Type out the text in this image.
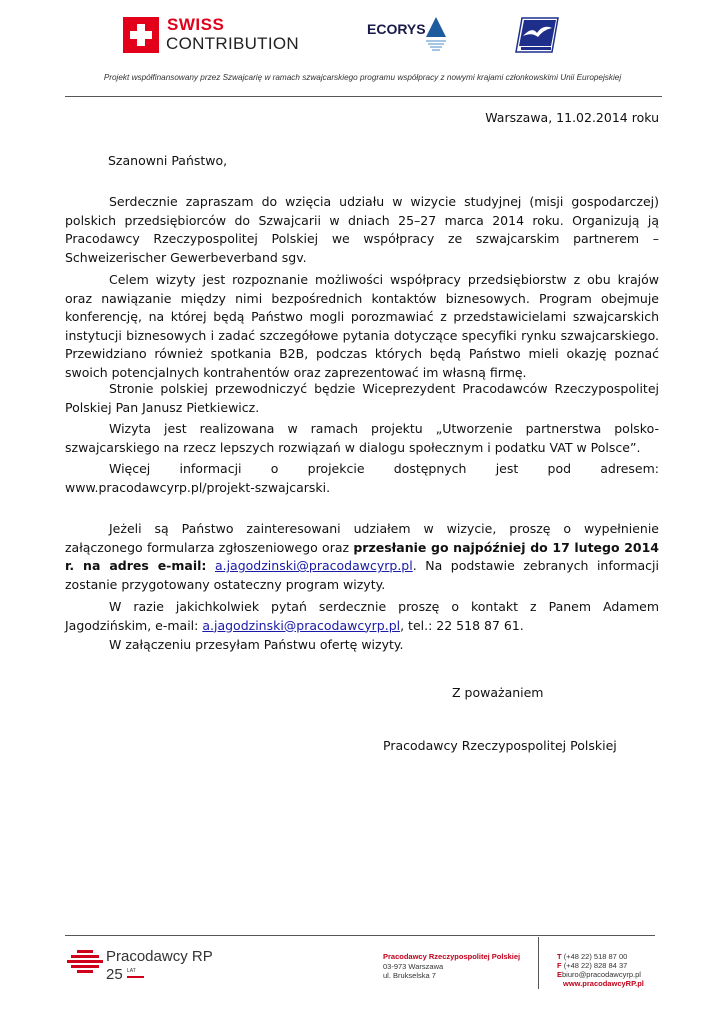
SWISS
CONTRIBUTION
ECORYS
Projekt współfinansowany przez Szwajcarię w ramach szwajcarskiego programu współpracy z nowymi krajami członkowskimi Unii Europejskiej
Warszawa, 11.02.2014 roku
Szanowni Państwo,

Serdecznie zapraszam do wzięcia udziału w wizycie studyjnej (misji gospodarczej) polskich przedsiębiorców do Szwajcarii w dniach 25–27 marca 2014 roku. Organizują ją Pracodawcy Rzeczypospolitej Polskiej we współpracy ze szwajcarskim partnerem – Schweizerischer Gewerbeverband sgv.

Celem wizyty jest rozpoznanie możliwości współpracy przedsiębiorstw z obu krajów oraz nawiązanie między nimi bezpośrednich kontaktów biznesowych. Program obejmuje konferencję, na której będą Państwo mogli porozmawiać z przedstawicielami szwajcarskich instytucji biznesowych i zadać szczegółowe pytania dotyczące specyfiki rynku szwajcarskiego. Przewidziano również spotkania B2B, podczas których będą Państwo mieli okazję poznać swoich potencjalnych kontrahentów oraz zaprezentować im własną firmę.

Stronie polskiej przewodniczyć będzie Wiceprezydent Pracodawców Rzeczypospolitej Polskiej Pan Janusz Pietkiewicz.

Wizyta jest realizowana w ramach projektu „Utworzenie partnerstwa polsko-szwajcarskiego na rzecz lepszych rozwiązań w dialogu społecznym i podatku VAT w Polsce”.

Więcej informacji o projekcie dostępnych jest pod adresem: www.pracodawcyrp.pl/projekt-szwajcarski.

Jeżeli są Państwo zainteresowani udziałem w wizycie, proszę o wypełnienie załączonego formularza zgłoszeniowego oraz przesłanie go najpóźniej do 17 lutego 2014 r. na adres e-mail: a.jagodzinski@pracodawcyrp.pl. Na podstawie zebranych informacji zostanie przygotowany ostateczny program wizyty.

W razie jakichkolwiek pytań serdecznie proszę o kontakt z Panem Adamem Jagodzińskim, e-mail: a.jagodzinski@pracodawcyrp.pl, tel.: 22 518 87 61.

W załączeniu przesyłam Państwu ofertę wizyty.

Z poważaniem
Pracodawcy Rzeczypospolitej Polskiej
Pracodawcy RP
25 LAT
Pracodawcy Rzeczypospolitej Polskiej
03-973 Warszawa
ul. Brukselska 7
T (+48 22) 518 87 00
F (+48 22) 828 84 37
Ebiuro@pracodawcyrp.pl
www.pracodawcyRP.pl
